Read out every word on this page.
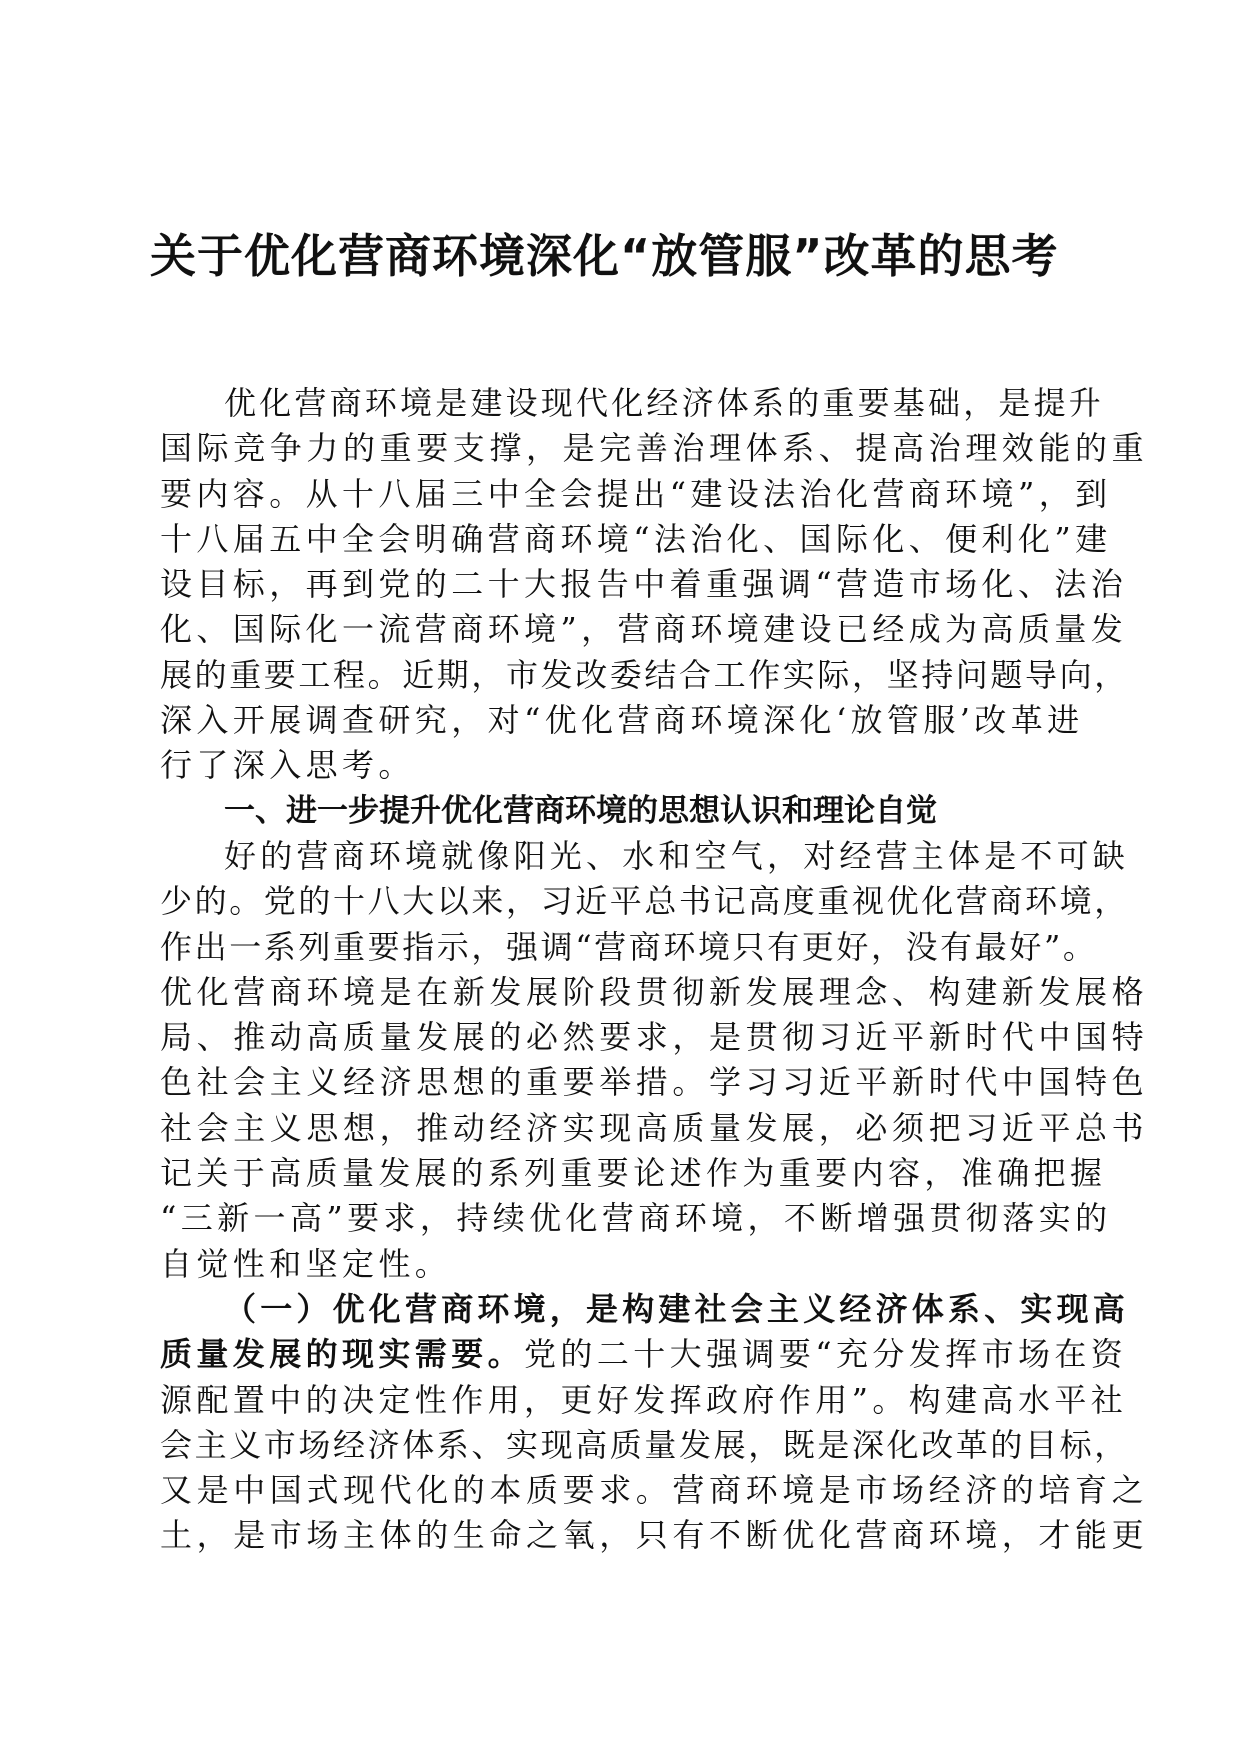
关于优化营商环境深化“放管服”改革的思考
优化营商环境是建设现代化经济体系的重要基础，是提升
国际竞争力的重要支撑，是完善治理体系、提高治理效能的重
要内容。从十八届三中全会提出“建设法治化营商环境”，到
十八届五中全会明确营商环境“法治化、国际化、便利化”建
设目标，再到党的二十大报告中着重强调“营造市场化、法治
化、国际化一流营商环境”，营商环境建设已经成为高质量发
展的重要工程。近期，市发改委结合工作实际，坚持问题导向，
深入开展调查研究，对“优化营商环境深化‘放管服’改革进
行了深入思考。
一、进一步提升优化营商环境的思想认识和理论自觉
好的营商环境就像阳光、水和空气，对经营主体是不可缺
少的。党的十八大以来，习近平总书记高度重视优化营商环境，
作出一系列重要指示，强调“营商环境只有更好，没有最好”。
优化营商环境是在新发展阶段贯彻新发展理念、构建新发展格
局、推动高质量发展的必然要求，是贯彻习近平新时代中国特
色社会主义经济思想的重要举措。学习习近平新时代中国特色
社会主义思想，推动经济实现高质量发展，必须把习近平总书
记关于高质量发展的系列重要论述作为重要内容，准确把握
“三新一高”要求，持续优化营商环境，不断增强贯彻落实的
自觉性和坚定性。
（一）优化营商环境，是构建社会主义经济体系、实现高
质量发展的现实需要。党的二十大强调要“充分发挥市场在资
源配置中的决定性作用，更好发挥政府作用”。构建高水平社
会主义市场经济体系、实现高质量发展，既是深化改革的目标，
又是中国式现代化的本质要求。营商环境是市场经济的培育之
土，是市场主体的生命之氧，只有不断优化营商环境，才能更
